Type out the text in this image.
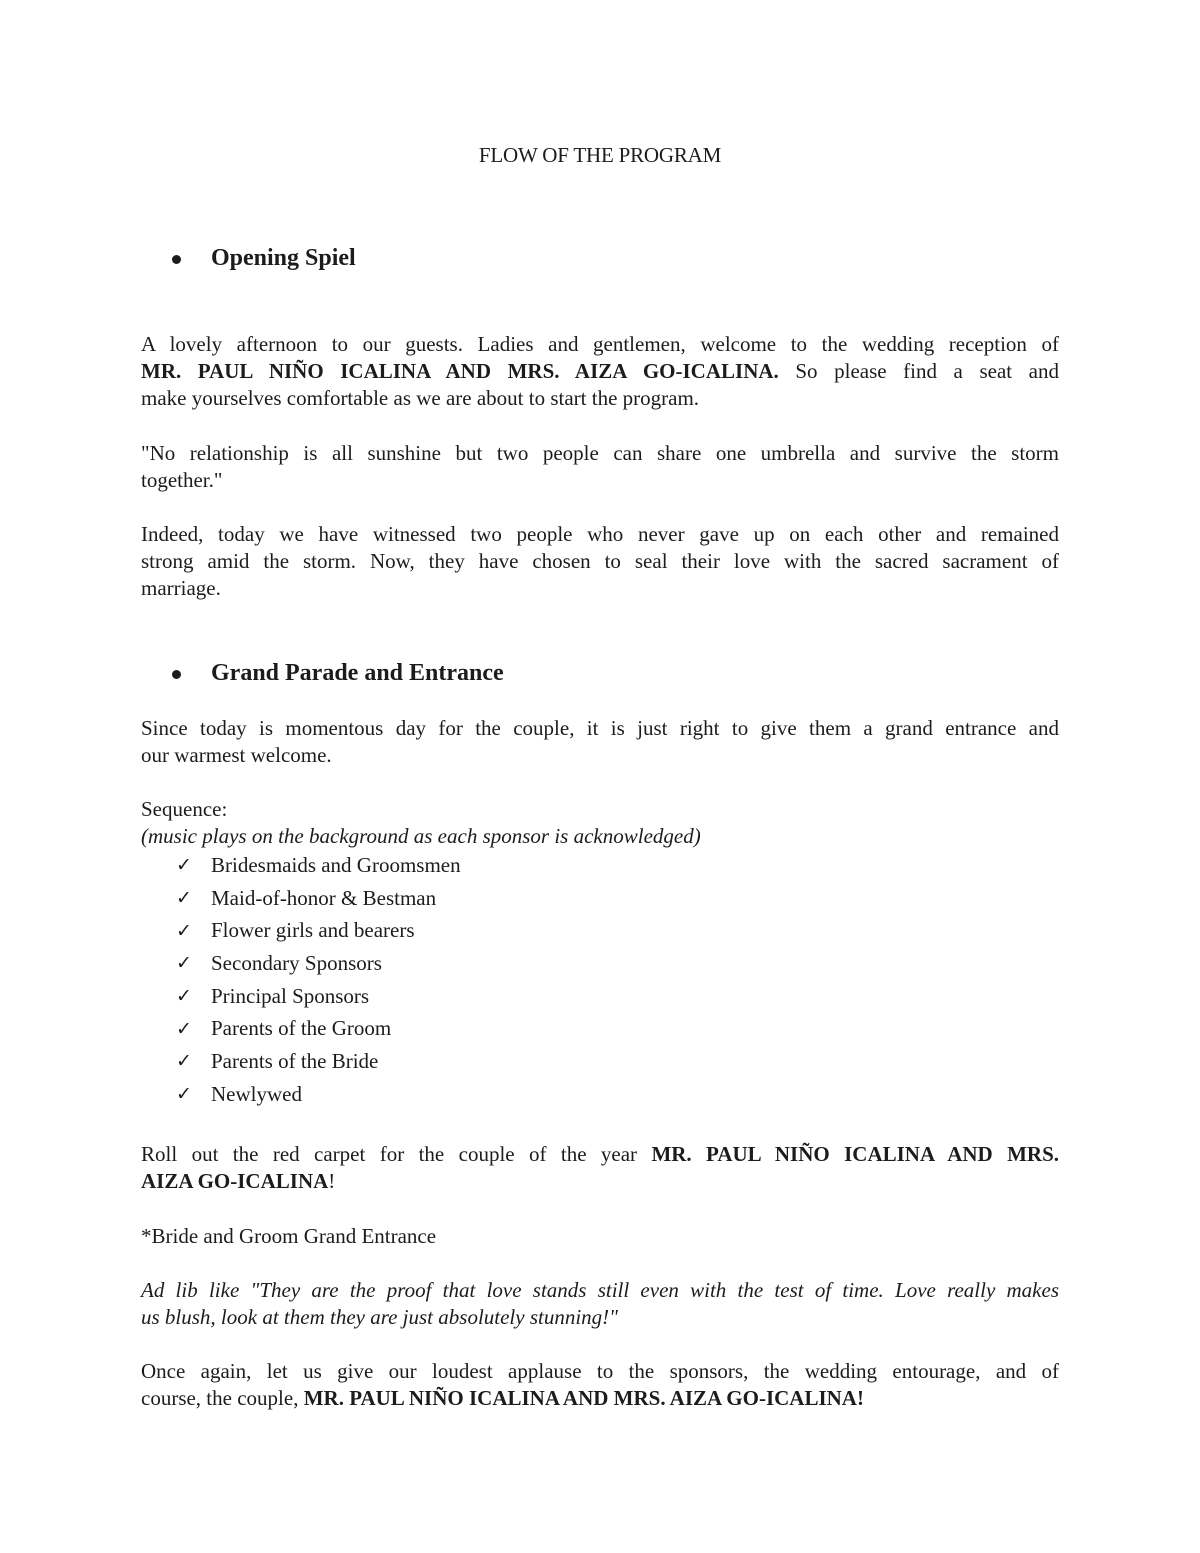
FLOW OF THE PROGRAM
Opening Spiel
A lovely afternoon to our guests. Ladies and gentlemen, welcome to the wedding reception of
MR. PAUL NIÑO ICALINA AND MRS. AIZA GO-ICALINA. So please find a seat and
make yourselves comfortable as we are about to start the program.
"No relationship is all sunshine but two people can share one umbrella and survive the storm
together."
Indeed, today we have witnessed two people who never gave up on each other and remained
strong amid the storm. Now, they have chosen to seal their love with the sacred sacrament of
marriage.
Grand Parade and Entrance
Since today is momentous day for the couple, it is just right to give them a grand entrance and
our warmest welcome.
Sequence:
(music plays on the background as each sponsor is acknowledged)
✓ Bridesmaids and Groomsmen
✓ Maid-of-honor & Bestman
✓ Flower girls and bearers
✓ Secondary Sponsors
✓ Principal Sponsors
✓ Parents of the Groom
✓ Parents of the Bride
✓ Newlywed
Roll out the red carpet for the couple of the year MR. PAUL NIÑO ICALINA AND MRS.
AIZA GO-ICALINA!
*Bride and Groom Grand Entrance
Ad lib like "They are the proof that love stands still even with the test of time. Love really makes
us blush, look at them they are just absolutely stunning!"
Once again, let us give our loudest applause to the sponsors, the wedding entourage, and of
course, the couple, MR. PAUL NIÑO ICALINA AND MRS. AIZA GO-ICALINA!
